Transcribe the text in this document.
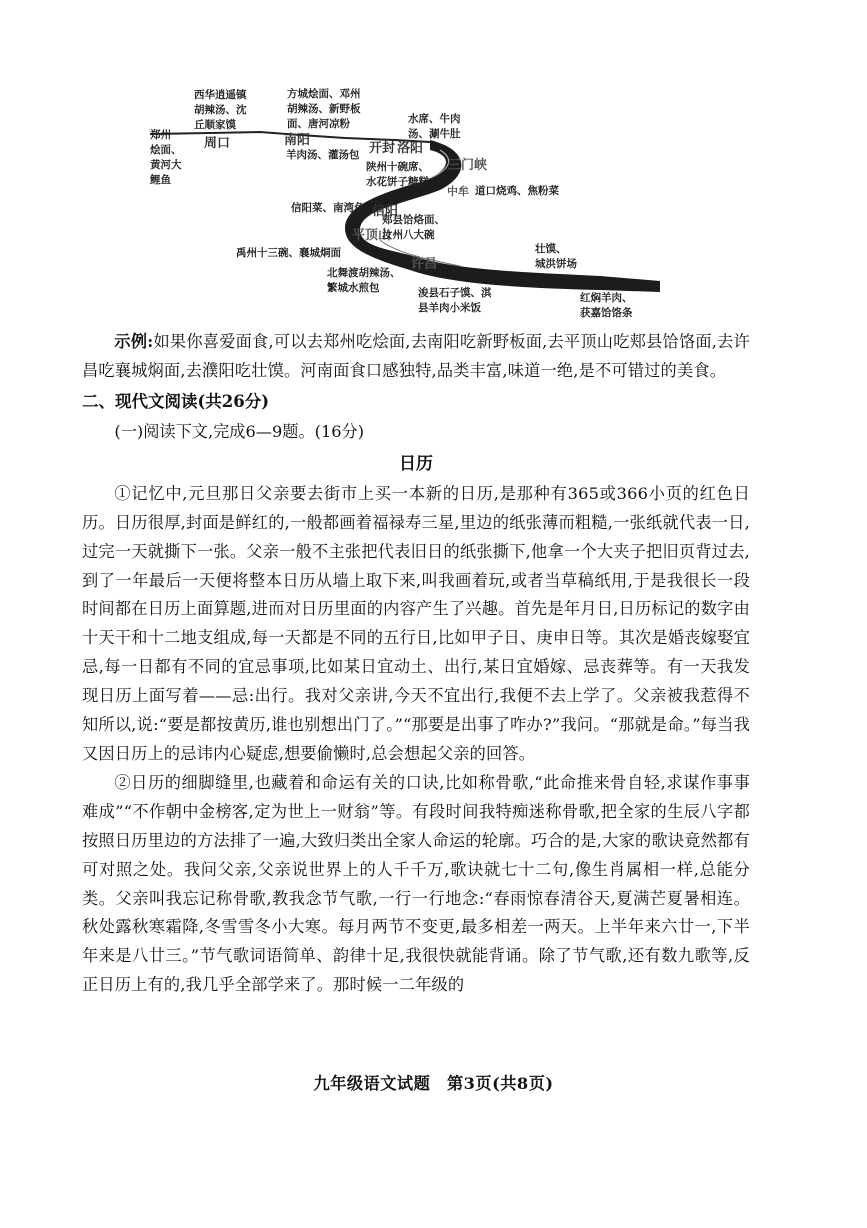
周口	南阳
开封 洛阳
三门峡
中牟
信阳
平顶山
许昌
郑州
烩面、
黄河大
鲤鱼
西华逍遥镇
胡辣汤、沈
丘顺家馍
方城烩面、邓州
胡辣汤、新野板
面、唐河凉粉
羊肉汤、灌汤包
水席、牛肉
汤、涮牛肚
陕州十碗席、
水花饼子糖糕
道口烧鸡、焦粉菜
信阳菜、南湾鱼
郏县饸烙面、
汝州八大碗
禹州十三碗、襄城烔面
北舞渡胡辣汤、
繁城水煎包	浚县石子馍、淇
县羊肉小米饭
壮馍、
城洪饼场
红焖羊肉、
获嘉饸饹条

示例:如果你喜爱面食,可以去郑州吃烩面,去南阳吃新野板面,去平顶山吃郏县饸饹面,去许昌吃襄城焖面,去濮阳吃壮馍。河南面食口感独特,品类丰富,味道一绝,是不可错过的美食。

二、现代文阅读(共26分)

(一)阅读下文,完成6—9题。(16分)

日历

①记忆中,元旦那日父亲要去街市上买一本新的日历,是那种有365或366小页的红色日历。日历很厚,封面是鲜红的,一般都画着福禄寿三星,里边的纸张薄而粗糙,一张纸就代表一日,过完一天就撕下一张。父亲一般不主张把代表旧日的纸张撕下,他拿一个大夹子把旧页背过去,到了一年最后一天便将整本日历从墙上取下来,叫我画着玩,或者当草稿纸用,于是我很长一段时间都在日历上面算题,进而对日历里面的内容产生了兴趣。首先是年月日,日历标记的数字由十天干和十二地支组成,每一天都是不同的五行日,比如甲子日、庚申日等。其次是婚丧嫁娶宜忌,每一日都有不同的宜忌事项,比如某日宜动土、出行,某日宜婚嫁、忌丧葬等。有一天我发现日历上面写着——忌:出行。我对父亲讲,今天不宜出行,我便不去上学了。父亲被我惹得不知所以,说:“要是都按黄历,谁也别想出门了。”“那要是出事了咋办?”我问。“那就是命。”每当我又因日历上的忌讳内心疑虑,想要偷懒时,总会想起父亲的回答。

②日历的细脚缝里,也藏着和命运有关的口诀,比如称骨歌,“此命推来骨自轻,求谋作事事难成”“不作朝中金榜客,定为世上一财翁”等。有段时间我特痴迷称骨歌,把全家的生辰八字都按照日历里边的方法排了一遍,大致归类出全家人命运的轮廓。巧合的是,大家的歌诀竟然都有可对照之处。我问父亲,父亲说世界上的人千千万,歌诀就七十二句,像生肖属相一样,总能分类。父亲叫我忘记称骨歌,教我念节气歌,一行一行地念:“春雨惊春清谷天,夏满芒夏暑相连。秋处露秋寒霜降,冬雪雪冬小大寒。每月两节不变更,最多相差一两天。上半年来六廿一,下半年来是八廿三。”节气歌词语简单、韵律十足,我很快就能背诵。除了节气歌,还有数九歌等,反正日历上有的,我几乎全部学来了。那时候一二年级的

九年级语文试题　第3页(共8页)
